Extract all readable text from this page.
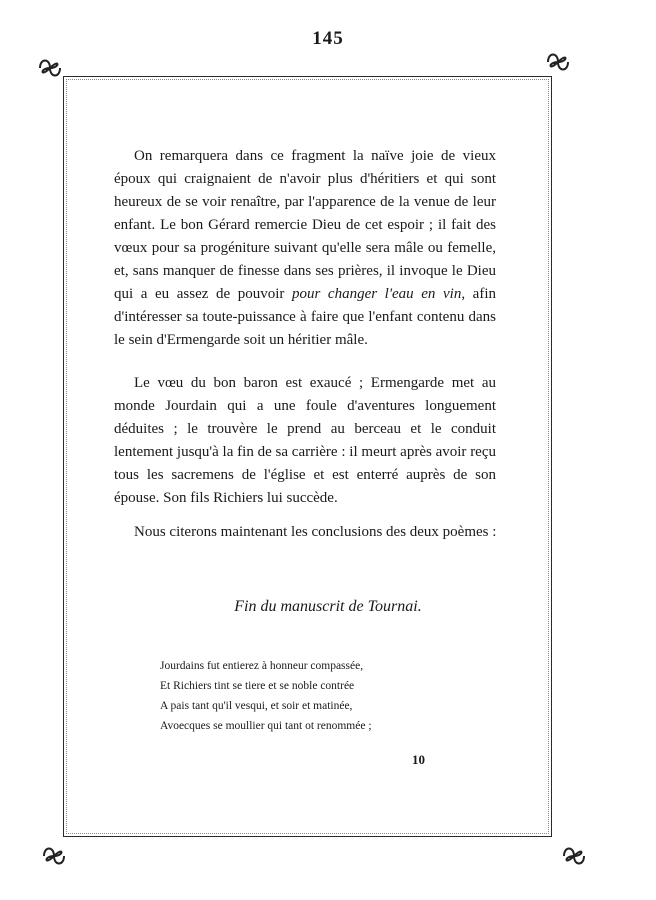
145

On remarquera dans ce fragment la naïve joie de vieux époux qui craignaient de n'avoir plus d'héritiers et qui sont heureux de se voir renaître, par l'apparence de la venue de leur enfant. Le bon Gérard remercie Dieu de cet espoir ; il fait des vœux pour sa progéniture suivant qu'elle sera mâle ou femelle, et, sans manquer de finesse dans ses prières, il invoque le Dieu qui a eu assez de pouvoir pour changer l'eau en vin, afin d'intéresser sa toute-puissance à faire que l'enfant contenu dans le sein d'Ermengarde soit un héritier mâle.

Le vœu du bon baron est exaucé ; Ermengarde met au monde Jourdain qui a une foule d'aventures longuement déduites ; le trouvère le prend au berceau et le conduit lentement jusqu'à la fin de sa carrière : il meurt après avoir reçu tous les sacremens de l'église et est enterré auprès de son épouse. Son fils Richiers lui succède.

Nous citerons maintenant les conclusions des deux poèmes :

Fin du manuscrit de Tournai.
Jourdains fut entierez à honneur compassée,
Et Richiers tint se tiere et se noble contrée
A pais tant qu'il vesqui, et soir et matinée,
Avoecques se moullier qui tant ot renommée ;
10
